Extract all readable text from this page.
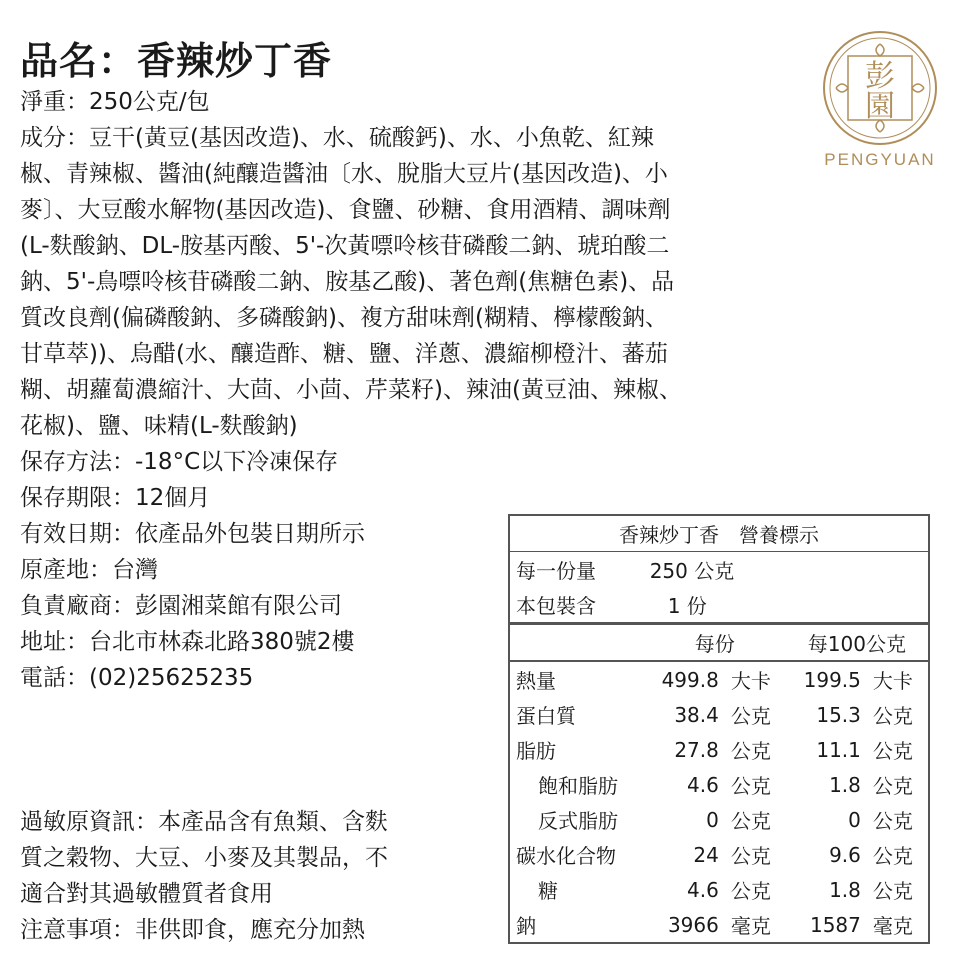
品名：香辣炒丁香
淨重：250公克/包
成分：豆干(黃豆(基因改造)、水、硫酸鈣)、水、小魚乾、紅辣
椒、青辣椒、醬油(純釀造醬油〔水、脫脂大豆片(基因改造)、小
麥〕、大豆酸水解物(基因改造)、食鹽、砂糖、食用酒精、調味劑
(L-麩酸鈉、DL-胺基丙酸、5'-次黃嘌呤核苷磷酸二鈉、琥珀酸二
鈉、5'-鳥嘌呤核苷磷酸二鈉、胺基乙酸)、著色劑(焦糖色素)、品
質改良劑(偏磷酸鈉、多磷酸鈉)、複方甜味劑(糊精、檸檬酸鈉、
甘草萃))、烏醋(水、釀造酢、糖、鹽、洋蔥、濃縮柳橙汁、蕃茄
糊、胡蘿蔔濃縮汁、大茴、小茴、芹菜籽)、辣油(黃豆油、辣椒、
花椒)、鹽、味精(L-麩酸鈉)
保存方法：-18°C以下冷凍保存
保存期限：12個月
有效日期：依產品外包裝日期所示
原產地：台灣
負責廠商：彭園湘菜館有限公司
地址：台北市林森北路380號2樓
電話：(02)25625235
過敏原資訊：本產品含有魚類、含麩
質之穀物、大豆、小麥及其製品，不
適合對其過敏體質者食用
注意事項：非供即食，應充分加熱
彭
園
PENGYUAN
香辣炒丁香　營養標示				
每一份量	250 公克			
本包裝含	1 份			
	每份		每100公克	
熱量	499.8	大卡	199.5	大卡
蛋白質	38.4	公克	15.3	公克
脂肪	27.8	公克	11.1	公克
飽和脂肪	4.6	公克	1.8	公克
反式脂肪	0	公克	0	公克
碳水化合物	24	公克	9.6	公克
糖	4.6	公克	1.8	公克
鈉	3966	毫克	1587	毫克
